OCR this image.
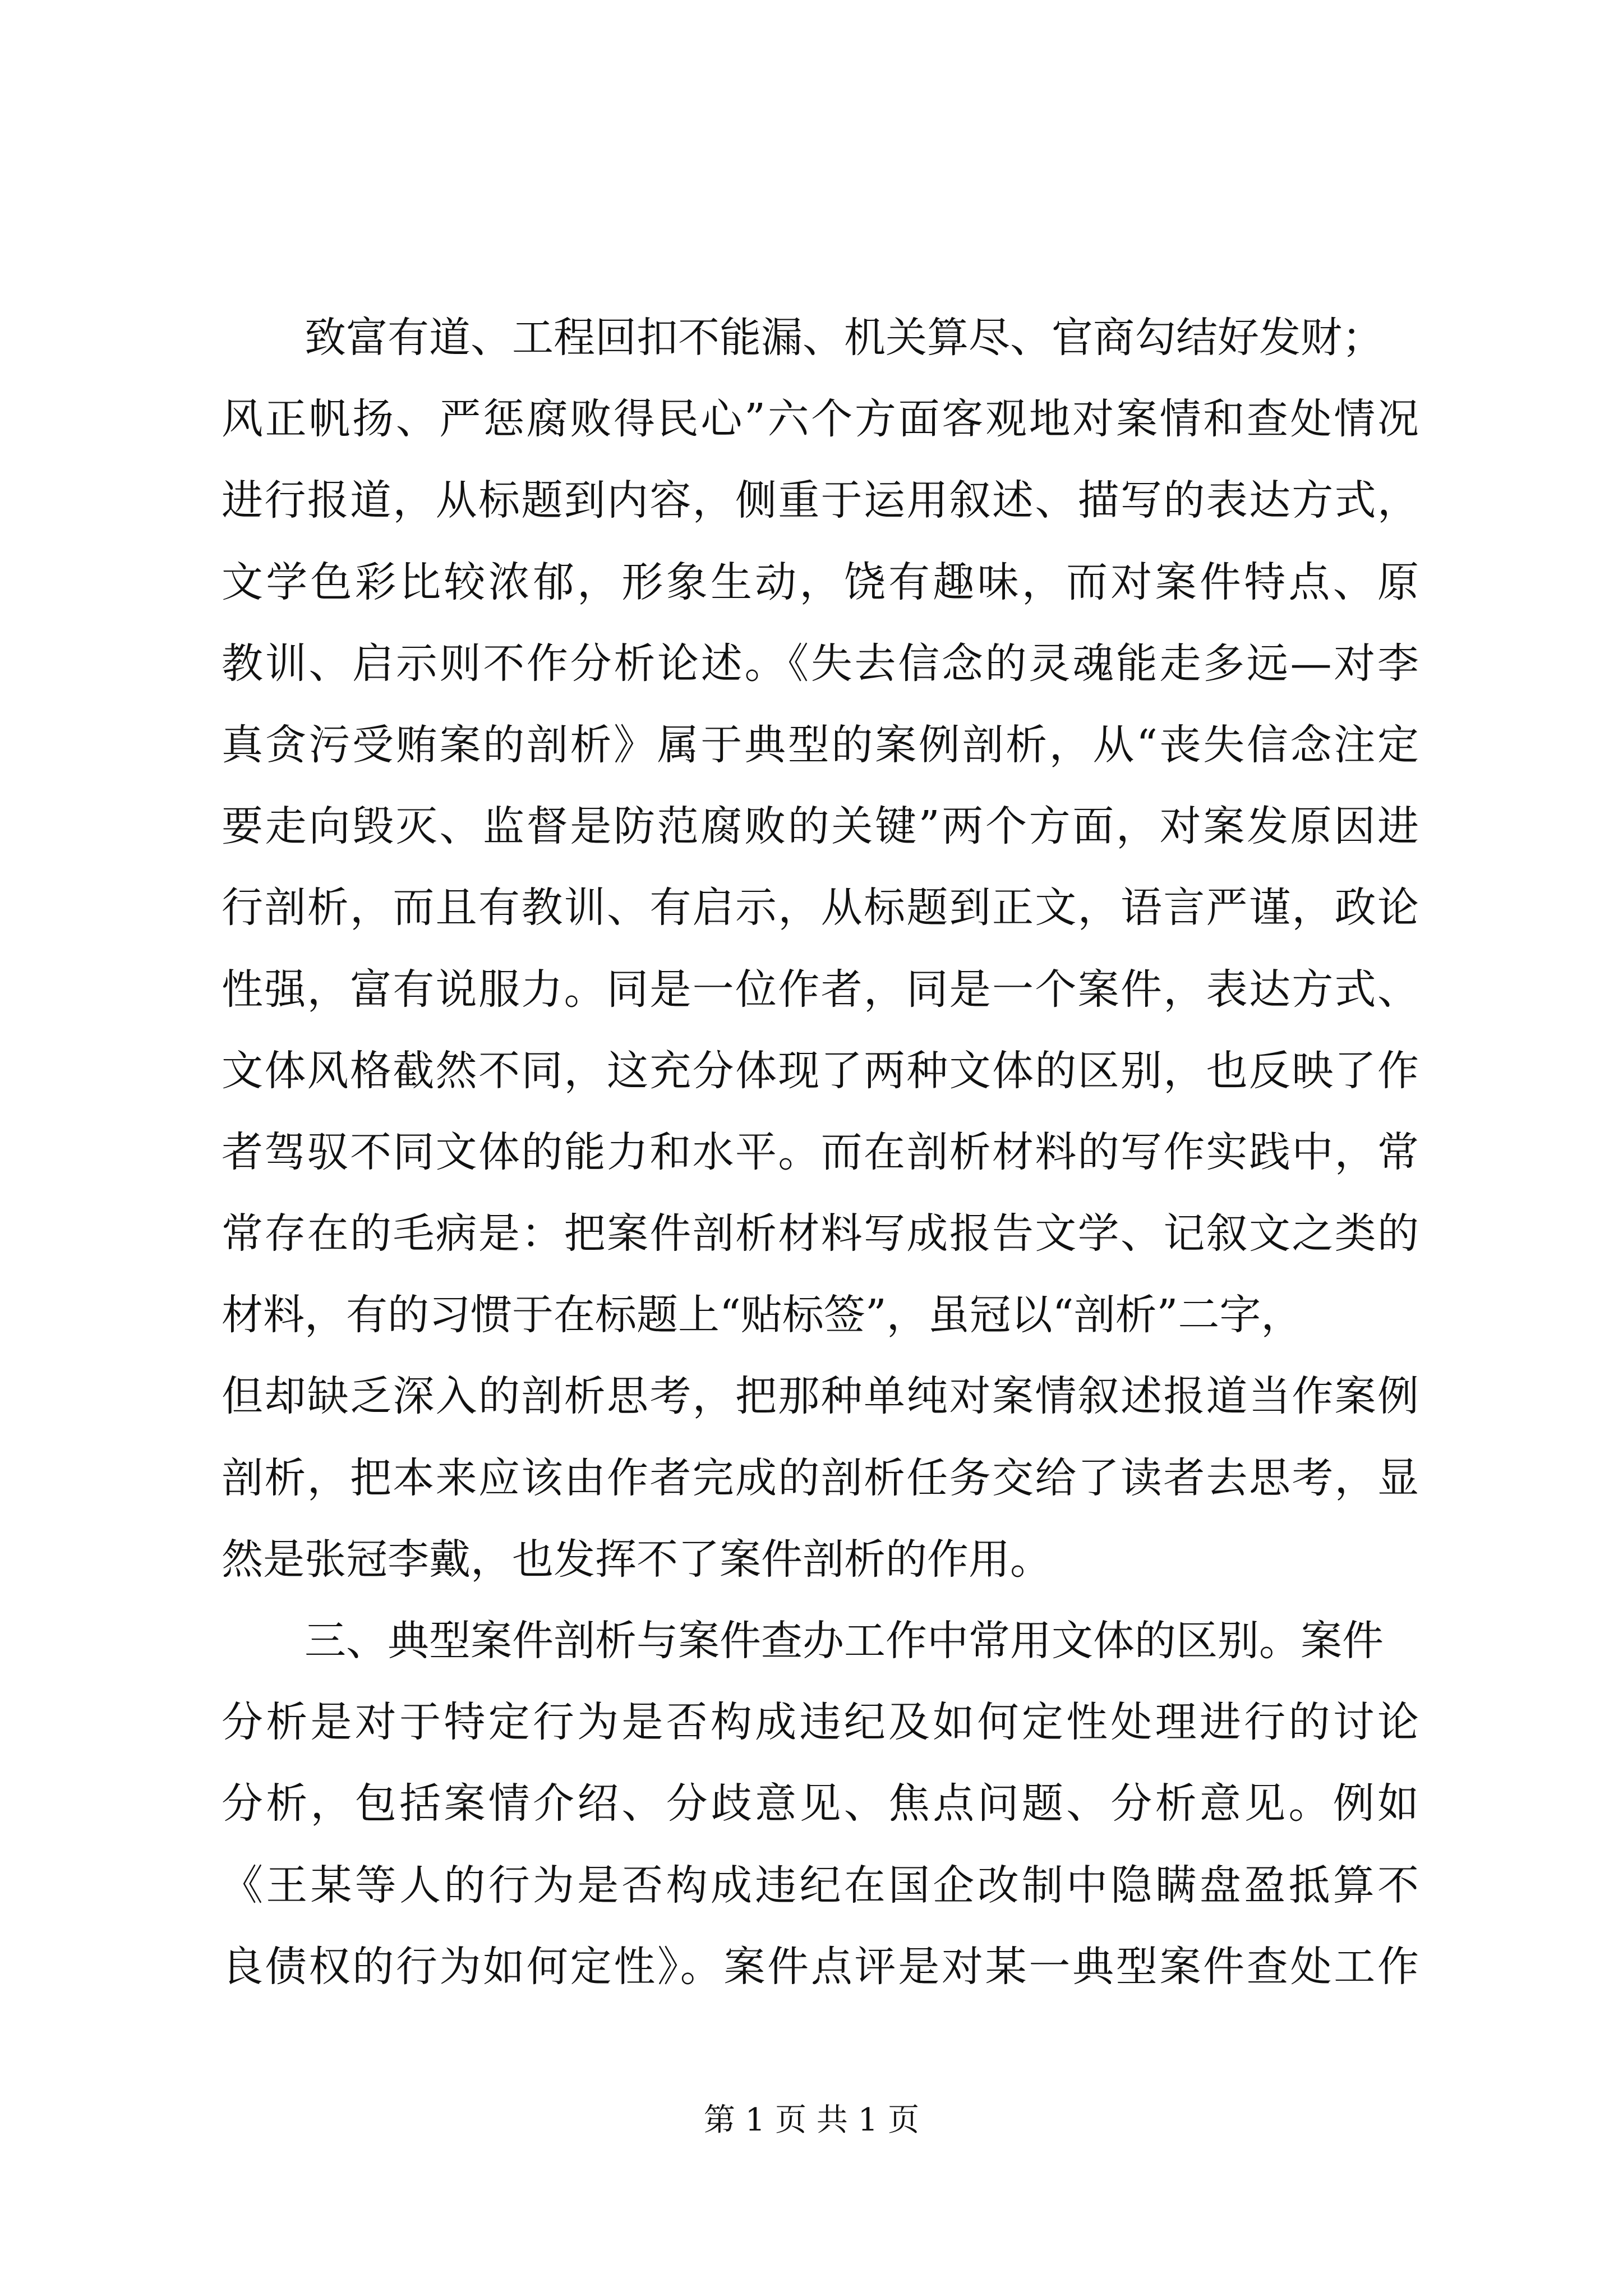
致富有道、工程回扣不能漏、机关算尽、官商勾结好发财；
风正帆扬、严惩腐败得民心”六个方面客观地对案情和查处情况
进行报道，从标题到内容，侧重于运用叙述、描写的表达方式，
文学色彩比较浓郁，形象生动，饶有趣味，而对案件特点、原
教训、启示则不作分析论述。《失去信念的灵魂能走多远—对李
真贪污受贿案的剖析》属于典型的案例剖析，从“丧失信念注定
要走向毁灭、监督是防范腐败的关键”两个方面，对案发原因进
行剖析，而且有教训、有启示，从标题到正文，语言严谨，政论
性强，富有说服力。同是一位作者，同是一个案件，表达方式、
文体风格截然不同，这充分体现了两种文体的区别，也反映了作
者驾驭不同文体的能力和水平。而在剖析材料的写作实践中，常
常存在的毛病是：把案件剖析材料写成报告文学、记叙文之类的
材料，有的习惯于在标题上“贴标签”，虽冠以“剖析”二字，
但却缺乏深入的剖析思考，把那种单纯对案情叙述报道当作案例
剖析，把本来应该由作者完成的剖析任务交给了读者去思考，显
然是张冠李戴，也发挥不了案件剖析的作用。
三、典型案件剖析与案件查办工作中常用文体的区别。案件
分析是对于特定行为是否构成违纪及如何定性处理进行的讨论
分析，包括案情介绍、分歧意见、焦点问题、分析意见。例如
《王某等人的行为是否构成违纪在国企改制中隐瞒盘盈抵算不
良债权的行为如何定性》。案件点评是对某一典型案件查处工作
第 1 页 共 1 页
